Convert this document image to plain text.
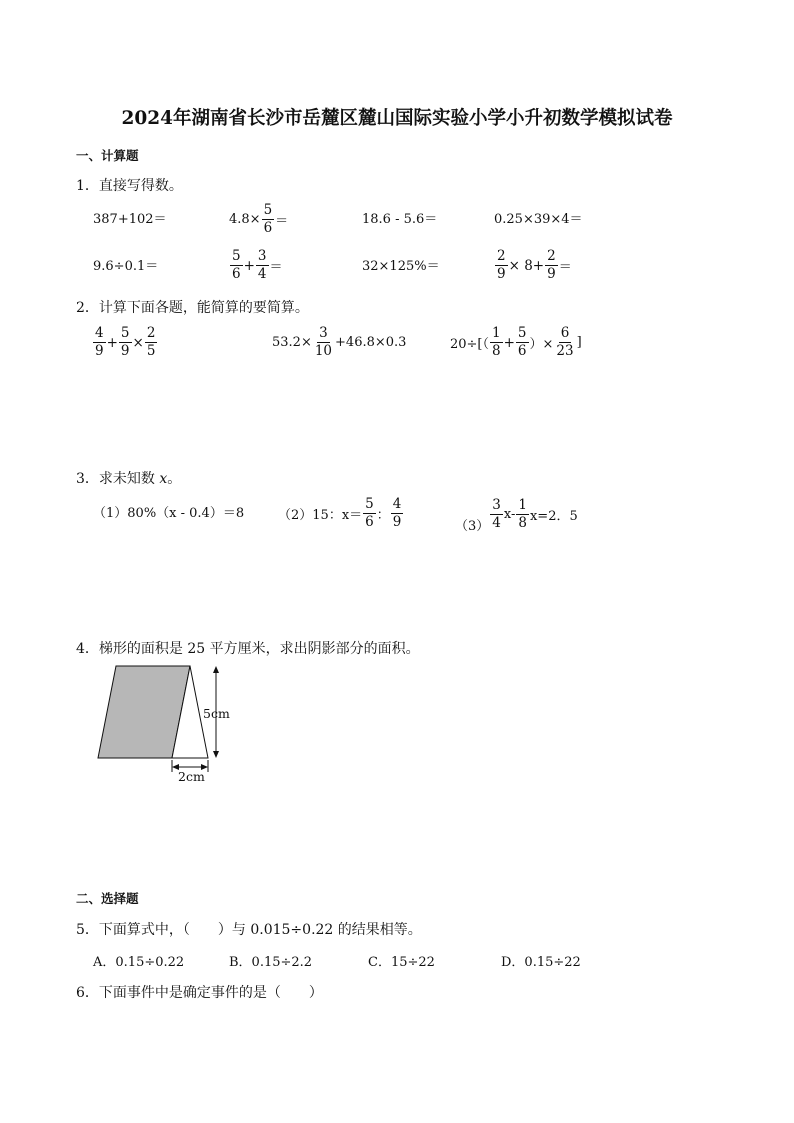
2024年湖南省长沙市岳麓区麓山国际实验小学小升初数学模拟试卷
一、计算题
1．直接写得数。
387+102＝	$4.8\times \frac{5}{6}$ ＝	18.6 - 5.6＝	0.25×39×4＝
9.6÷0.1＝	$\frac{5}{6} + \frac{3}{4}$ ＝	32×125%＝	$\frac{2}{9} \times 8+ \frac{2}{9}$ ＝
2．计算下面各题，能简算的要简算。
$\frac{4}{9} + \frac{5}{9} \times \frac{2}{5}$	$53.2\times \frac{3}{10} +46.8\times 0.3$	$20\div[( \frac{1}{8} + \frac{5}{6}$ ）× $\frac{6}{23}$ ]
3．求未知数 x。
（1）80%（x - 0.4）＝8	（2）15：$x= \frac{5}{6}$ ： $\frac{4}{9}$	$(3) \frac{3}{4} x- \frac{1}{8} x=2$．5
4．梯形的面积是 25 平方厘米，求出阴影部分的面积。
5cm
2cm
二、选择题
5．下面算式中，（　　）与 0.015÷0.22 的结果相等。
A．0.15÷0.22	B．0.15÷2.2	C．15÷22	D．0.15÷22
6．下面事件中是确定事件的是（　　）
